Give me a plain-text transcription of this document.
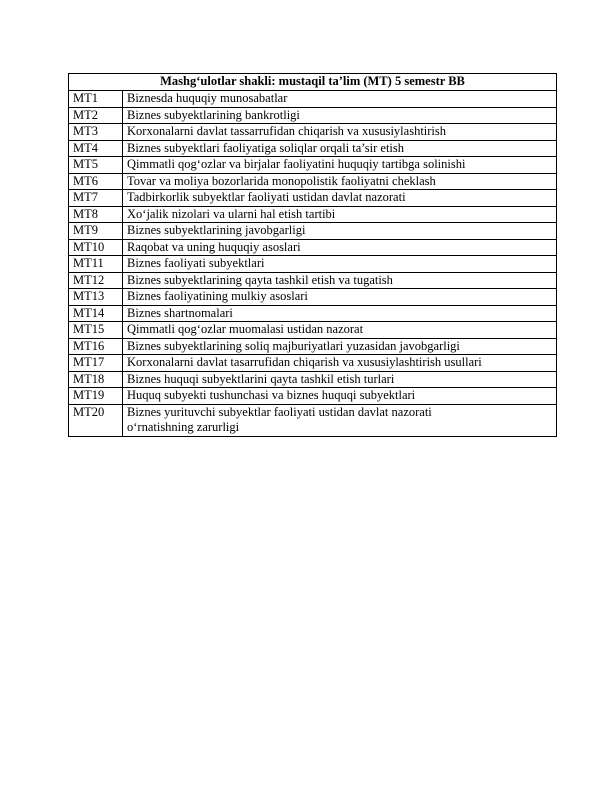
Mashg‘ulotlar shakli: mustaqil ta’lim (MT) 5 semestr BB	
MT1	Biznesda huquqiy munosabatlar
MT2	Biznes subyektlarining bankrotligi
MT3	Korxonalarni davlat tassarrufidan chiqarish va xususiylashtirish
MT4	Biznes subyektlari faoliyatiga soliqlar orqali ta’sir etish
MT5	Qimmatli qog‘ozlar va birjalar faoliyatini huquqiy tartibga solinishi
MT6	Tovar va moliya bozorlarida monopolistik faoliyatni cheklash
MT7	Tadbirkorlik subyektlar faoliyati ustidan davlat nazorati
MT8	Xo‘jalik nizolari va ularni hal etish tartibi
MT9	Biznes subyektlarining javobgarligi
MT10	Raqobat va uning huquqiy asoslari
MT11	Biznes faoliyati subyektlari
MT12	Biznes subyektlarining qayta tashkil etish va tugatish
MT13	Biznes faoliyatining mulkiy asoslari
MT14	Biznes shartnomalari
MT15	Qimmatli qog‘ozlar muomalasi ustidan nazorat
MT16	Biznes subyektlarining soliq majburiyatlari yuzasidan javobgarligi
MT17	Korxonalarni davlat tasarrufidan chiqarish va xususiylashtirish usullari
MT18	Biznes huquqi subyektlarini qayta tashkil etish turlari
MT19	Huquq subyekti tushunchasi va biznes huquqi subyektlari
MT20	Biznes yurituvchi subyektlar faoliyati ustidan davlat nazorati
o‘rnatishning zarurligi
